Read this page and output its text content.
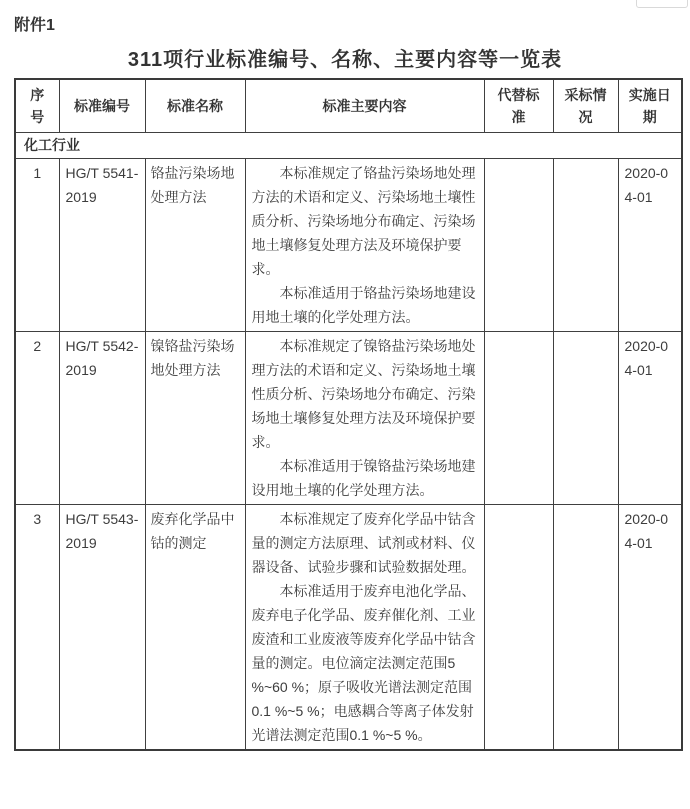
附件1
311项行业标准编号、名称、主要内容等一览表
序号	标准编号	标准名称	标准主要内容	代替标准	采标情况	实施日期
化工行业						
1	HG/T 5541-2019	铬盐污染场地处理方法	本标准规定了铬盐污染场地处理方法的术语和定义、污染场地土壤性质分析、污染场地分布确定、污染场地土壤修复处理方法及环境保护要求。

本标准适用于铬盐污染场地建设用地土壤的化学处理方法。			2020-04-01
2	HG/T 5542-2019	镍铬盐污染场地处理方法	本标准规定了镍铬盐污染场地处理方法的术语和定义、污染场地土壤性质分析、污染场地分布确定、污染场地土壤修复处理方法及环境保护要求。

本标准适用于镍铬盐污染场地建设用地土壤的化学处理方法。			2020-04-01
3	HG/T 5543-2019	废弃化学品中钴的测定	本标准规定了废弃化学品中钴含量的测定方法原理、试剂或材料、仪器设备、试验步骤和试验数据处理。

本标准适用于废弃电池化学品、废弃电子化学品、废弃催化剂、工业废渣和工业废液等废弃化学品中钴含量的测定。电位滴定法测定范围5 %~60 %；原子吸收光谱法测定范围0.1 %~5 %；电感耦合等离子体发射光谱法测定范围0.1 %~5 %。			2020-04-01
